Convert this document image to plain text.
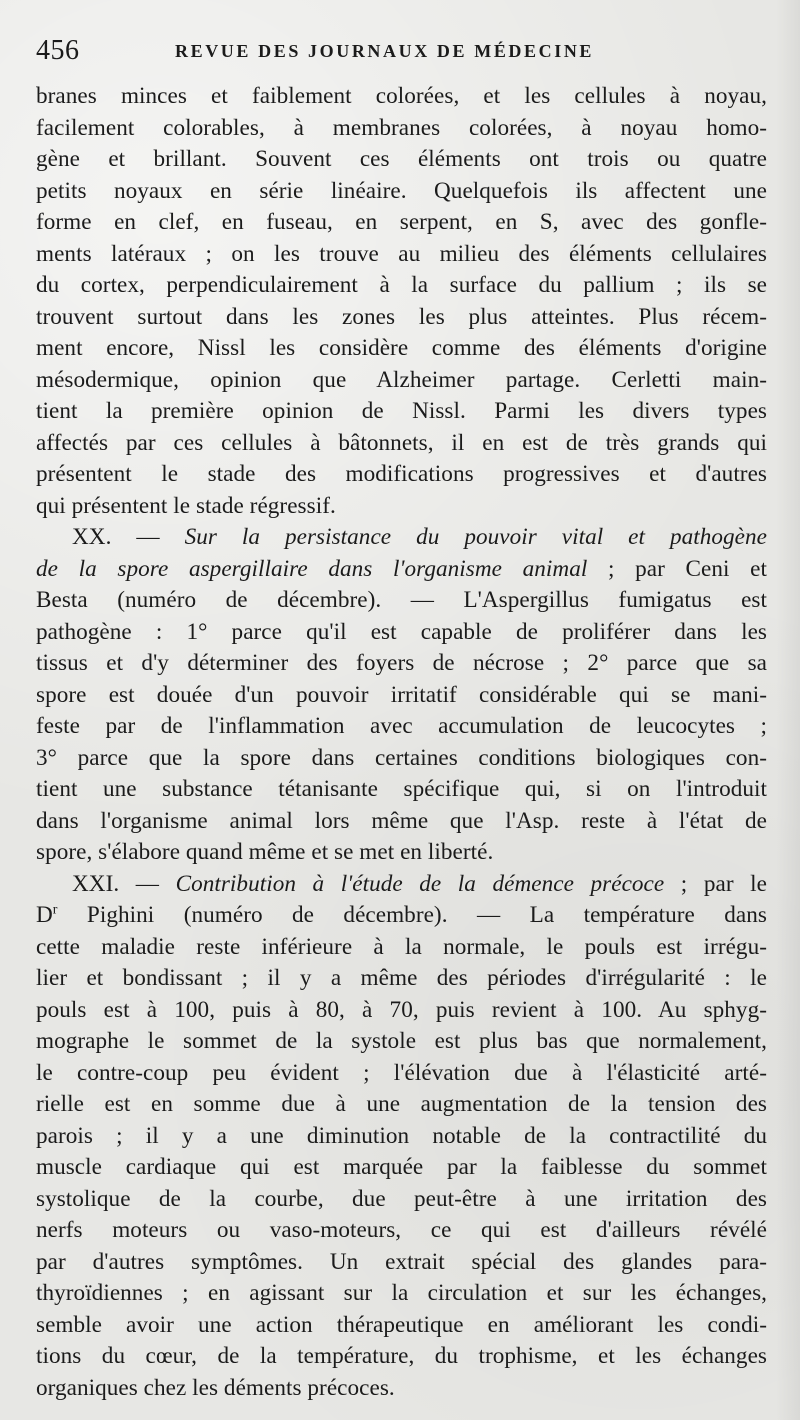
456	REVUE DES JOURNAUX DE MÉDECINE
branes minces et faiblement colorées, et les cellules à noyau,
facilement colorables, à membranes colorées, à noyau homo-
gène et brillant. Souvent ces éléments ont trois ou quatre
petits noyaux en série linéaire. Quelquefois ils affectent une
forme en clef, en fuseau, en serpent, en S, avec des gonfle-
ments latéraux ; on les trouve au milieu des éléments cellulaires
du cortex, perpendiculairement à la surface du pallium ; ils se
trouvent surtout dans les zones les plus atteintes. Plus récem-
ment encore, Nissl les considère comme des éléments d'origine
mésodermique, opinion que Alzheimer partage. Cerletti main-
tient la première opinion de Nissl. Parmi les divers types
affectés par ces cellules à bâtonnets, il en est de très grands qui
présentent le stade des modifications progressives et d'autres
qui présentent le stade régressif.
XX. — Sur la persistance du pouvoir vital et pathogène
de la spore aspergillaire dans l'organisme animal ; par Ceni et
Besta (numéro de décembre). — L'Aspergillus fumigatus est
pathogène : 1° parce qu'il est capable de proliférer dans les
tissus et d'y déterminer des foyers de nécrose ; 2° parce que sa
spore est douée d'un pouvoir irritatif considérable qui se mani-
feste par de l'inflammation avec accumulation de leucocytes ;
3° parce que la spore dans certaines conditions biologiques con-
tient une substance tétanisante spécifique qui, si on l'introduit
dans l'organisme animal lors même que l'Asp. reste à l'état de
spore, s'élabore quand même et se met en liberté.
XXI. — Contribution à l'étude de la démence précoce ; par le
$D^r$ Pighini (numéro de décembre). — La température dans
cette maladie reste inférieure à la normale, le pouls est irrégu-
lier et bondissant ; il y a même des périodes d'irrégularité : le
pouls est à 100, puis à 80, à 70, puis revient à 100. Au sphyg-
mographe le sommet de la systole est plus bas que normalement,
le contre-coup peu évident ; l'élévation due à l'élasticité arté-
rielle est en somme due à une augmentation de la tension des
parois ; il y a une diminution notable de la contractilité du
muscle cardiaque qui est marquée par la faiblesse du sommet
systolique de la courbe, due peut-être à une irritation des
nerfs moteurs ou vaso-moteurs, ce qui est d'ailleurs révélé
par d'autres symptômes. Un extrait spécial des glandes para-
thyroïdiennes ; en agissant sur la circulation et sur les échanges,
semble avoir une action thérapeutique en améliorant les condi-
tions du cœur, de la température, du trophisme, et les échanges
organiques chez les déments précoces.
